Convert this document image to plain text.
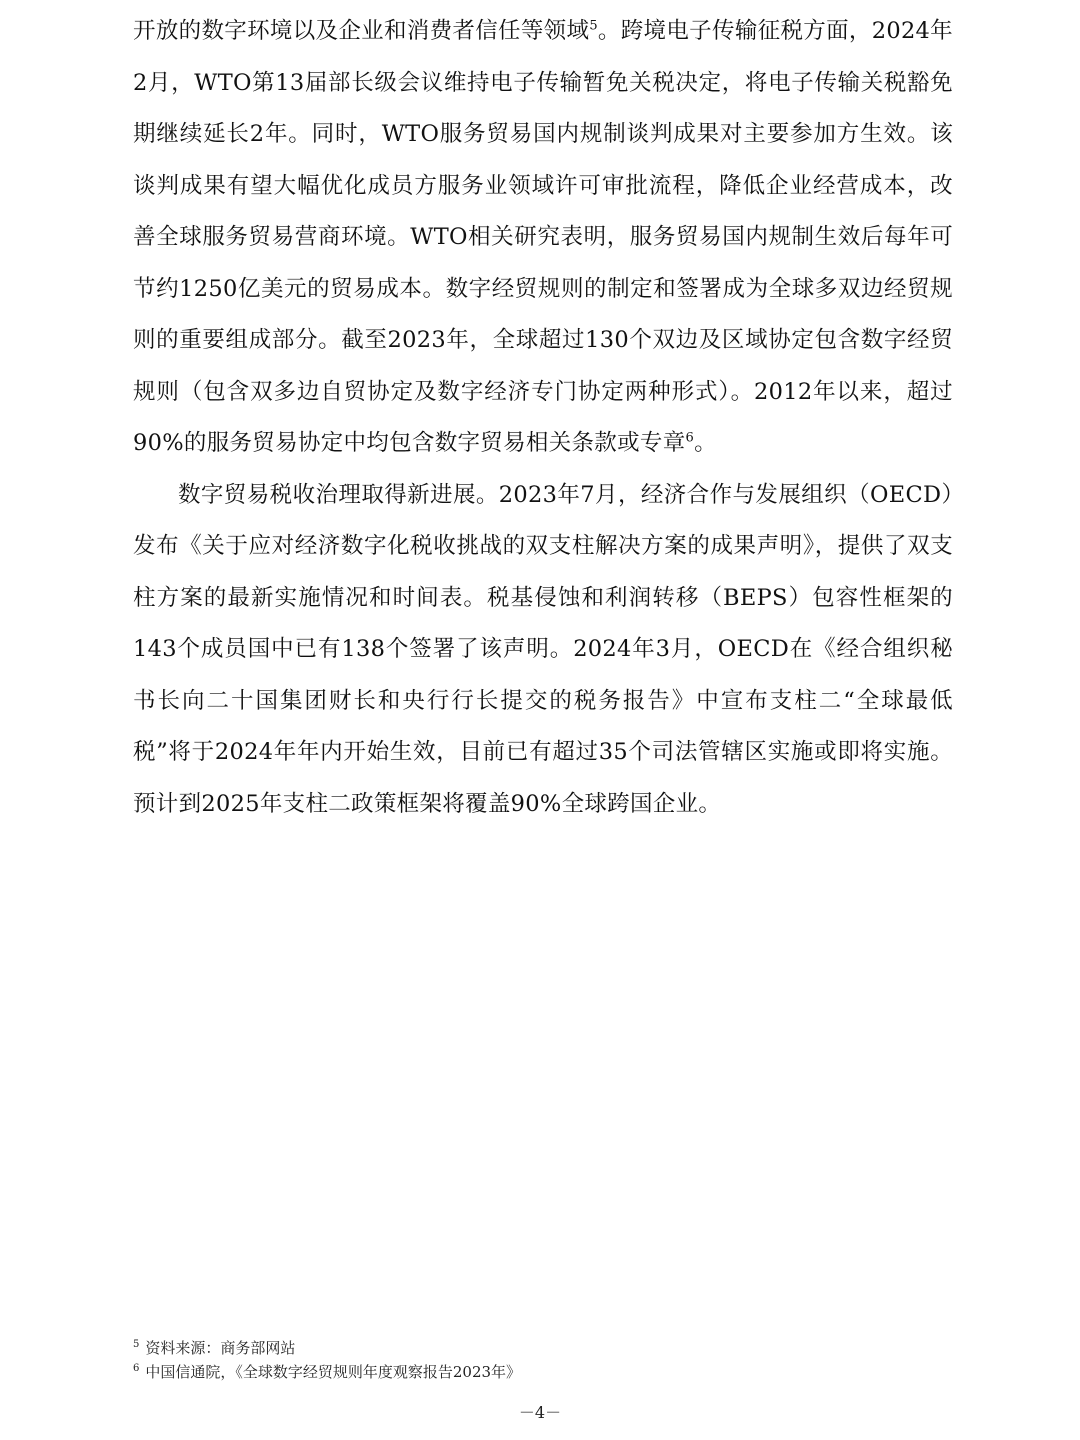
开放的数字环境以及企业和消费者信任等领域$^5$。跨境电子传输征税方面，2024年2月，WTO第13届部长级会议维持电子传输暂免关税决定，将电子传输关税豁免期继续延长2年。同时，WTO服务贸易国内规制谈判成果对主要参加方生效。该谈判成果有望大幅优化成员方服务业领域许可审批流程，降低企业经营成本，改善全球服务贸易营商环境。WTO相关研究表明，服务贸易国内规制生效后每年可节约1250亿美元的贸易成本。数字经贸规则的制定和签署成为全球多双边经贸规则的重要组成部分。截至2023年，全球超过130个双边及区域协定包含数字经贸规则（包含双多边自贸协定及数字经济专门协定两种形式）。2012年以来，超过90%的服务贸易协定中均包含数字贸易相关条款或专章$^6$。

数字贸易税收治理取得新进展。2023年7月，经济合作与发展组织（OECD）发布《关于应对经济数字化税收挑战的双支柱解决方案的成果声明》，提供了双支柱方案的最新实施情况和时间表。税基侵蚀和利润转移（BEPS）包容性框架的143个成员国中已有138个签署了该声明。2024年3月，OECD在《经合组织秘书长向二十国集团财长和央行行长提交的税务报告》中宣布支柱二“全球最低税”将于2024年年内开始生效，目前已有超过35个司法管辖区实施或即将实施。预计到2025年支柱二政策框架将覆盖90%全球跨国企业。

$^5$ 资料来源：商务部网站

$^6$ 中国信通院，《全球数字经贸规则年度观察报告2023年》

－4－
